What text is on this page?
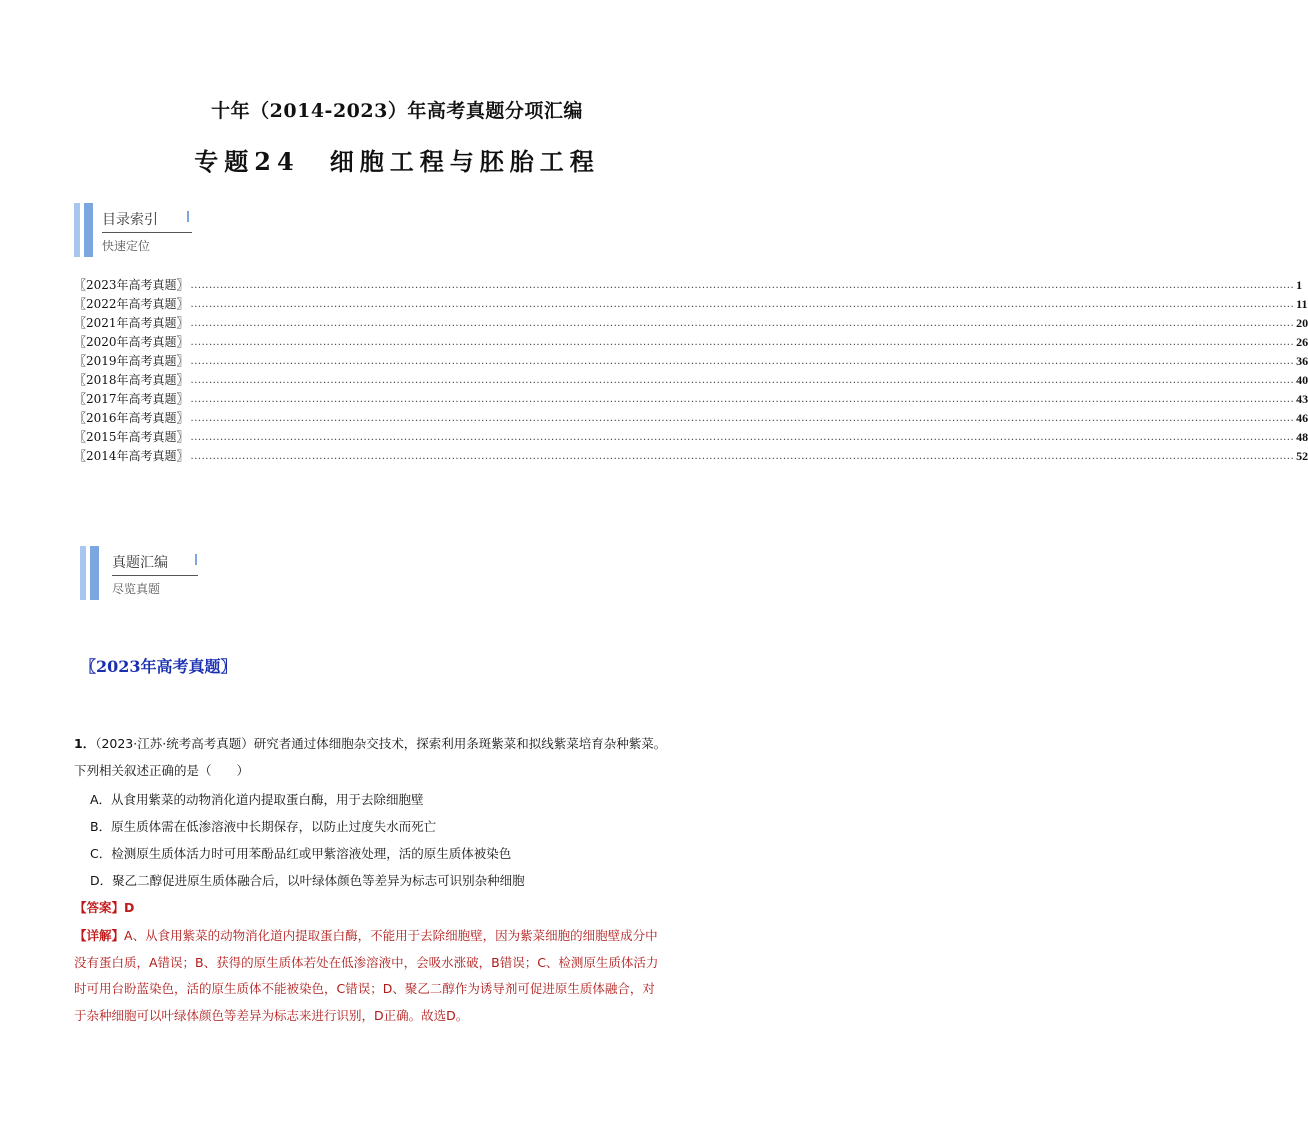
十年（2014-2023）年高考真题分项汇编
专题24　细胞工程与胚胎工程
目录索引
快速定位
〖2023年高考真题〗 ............................................................................................................................................................................................................................................................................................................ 1
〖2022年高考真题〗 ............................................................................................................................................................................................................................................................................................................ 11
〖2021年高考真题〗 ............................................................................................................................................................................................................................................................................................................ 20
〖2020年高考真题〗 ............................................................................................................................................................................................................................................................................................................ 26
〖2019年高考真题〗 ............................................................................................................................................................................................................................................................................................................ 36
〖2018年高考真题〗 ............................................................................................................................................................................................................................................................................................................ 40
〖2017年高考真题〗 ............................................................................................................................................................................................................................................................................................................ 43
〖2016年高考真题〗 ............................................................................................................................................................................................................................................................................................................ 46
〖2015年高考真题〗 ............................................................................................................................................................................................................................................................................................................ 48
〖2014年高考真题〗 ............................................................................................................................................................................................................................................................................................................ 52
真题汇编
尽览真题
〖2023年高考真题〗
1．（2023·江苏·统考高考真题）研究者通过体细胞杂交技术，探索利用条斑紫菜和拟线紫菜培育杂种紫菜。
下列相关叙述正确的是（　　）
A．从食用紫菜的动物消化道内提取蛋白酶，用于去除细胞壁
B．原生质体需在低渗溶液中长期保存，以防止过度失水而死亡
C．检测原生质体活力时可用苯酚品红或甲紫溶液处理，活的原生质体被染色
D．聚乙二醇促进原生质体融合后，以叶绿体颜色等差异为标志可识别杂种细胞
【答案】D
【详解】A、从食用紫菜的动物消化道内提取蛋白酶，不能用于去除细胞壁，因为紫菜细胞的细胞壁成分中
没有蛋白质，A错误；B、获得的原生质体若处在低渗溶液中，会吸水涨破，B错误；C、检测原生质体活力
时可用台盼蓝染色，活的原生质体不能被染色，C错误；D、聚乙二醇作为诱导剂可促进原生质体融合，对
于杂种细胞可以叶绿体颜色等差异为标志来进行识别，D正确。故选D。
